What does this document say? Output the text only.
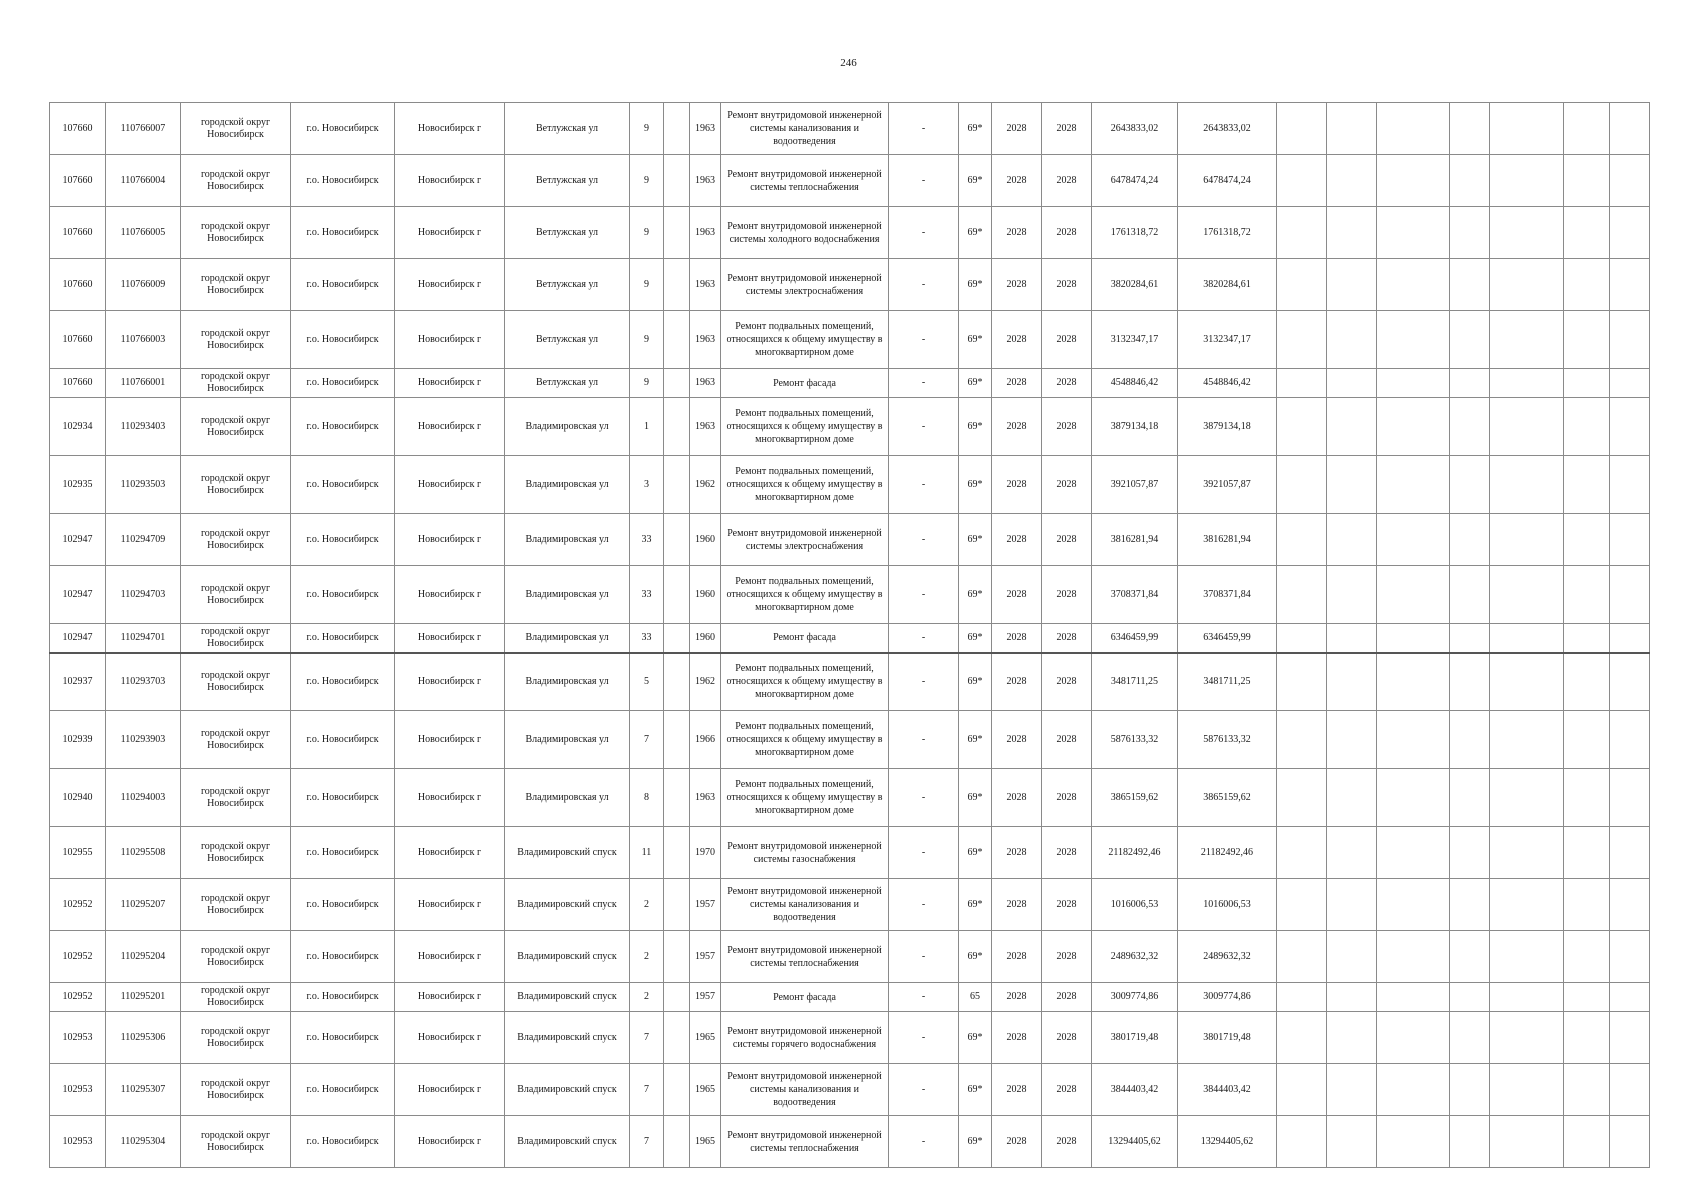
246
107660	110766007	городской округ Новосибирск	г.о. Новосибирск	Новосибирск г	Ветлужская ул	9		1963	Ремонт внутридомовой инженерной системы канализования и водоотведения	-	69*	2028	2028	2643833,02	2643833,02							
107660	110766004	городской округ Новосибирск	г.о. Новосибирск	Новосибирск г	Ветлужская ул	9		1963	Ремонт внутридомовой инженерной системы теплоснабжения	-	69*	2028	2028	6478474,24	6478474,24							
107660	110766005	городской округ Новосибирск	г.о. Новосибирск	Новосибирск г	Ветлужская ул	9		1963	Ремонт внутридомовой инженерной системы холодного водоснабжения	-	69*	2028	2028	1761318,72	1761318,72							
107660	110766009	городской округ Новосибирск	г.о. Новосибирск	Новосибирск г	Ветлужская ул	9		1963	Ремонт внутридомовой инженерной системы электроснабжения	-	69*	2028	2028	3820284,61	3820284,61							
107660	110766003	городской округ Новосибирск	г.о. Новосибирск	Новосибирск г	Ветлужская ул	9		1963	Ремонт подвальных помещений, относящихся к общему имуществу в многоквартирном доме	-	69*	2028	2028	3132347,17	3132347,17							
107660	110766001	городской округ Новосибирск	г.о. Новосибирск	Новосибирск г	Ветлужская ул	9		1963	Ремонт фасада	-	69*	2028	2028	4548846,42	4548846,42							
102934	110293403	городской округ Новосибирск	г.о. Новосибирск	Новосибирск г	Владимировская ул	1		1963	Ремонт подвальных помещений, относящихся к общему имуществу в многоквартирном доме	-	69*	2028	2028	3879134,18	3879134,18							
102935	110293503	городской округ Новосибирск	г.о. Новосибирск	Новосибирск г	Владимировская ул	3		1962	Ремонт подвальных помещений, относящихся к общему имуществу в многоквартирном доме	-	69*	2028	2028	3921057,87	3921057,87							
102947	110294709	городской округ Новосибирск	г.о. Новосибирск	Новосибирск г	Владимировская ул	33		1960	Ремонт внутридомовой инженерной системы электроснабжения	-	69*	2028	2028	3816281,94	3816281,94							
102947	110294703	городской округ Новосибирск	г.о. Новосибирск	Новосибирск г	Владимировская ул	33		1960	Ремонт подвальных помещений, относящихся к общему имуществу в многоквартирном доме	-	69*	2028	2028	3708371,84	3708371,84							
102947	110294701	городской округ Новосибирск	г.о. Новосибирск	Новосибирск г	Владимировская ул	33		1960	Ремонт фасада	-	69*	2028	2028	6346459,99	6346459,99							
102937	110293703	городской округ Новосибирск	г.о. Новосибирск	Новосибирск г	Владимировская ул	5		1962	Ремонт подвальных помещений, относящихся к общему имуществу в многоквартирном доме	-	69*	2028	2028	3481711,25	3481711,25							
102939	110293903	городской округ Новосибирск	г.о. Новосибирск	Новосибирск г	Владимировская ул	7		1966	Ремонт подвальных помещений, относящихся к общему имуществу в многоквартирном доме	-	69*	2028	2028	5876133,32	5876133,32							
102940	110294003	городской округ Новосибирск	г.о. Новосибирск	Новосибирск г	Владимировская ул	8		1963	Ремонт подвальных помещений, относящихся к общему имуществу в многоквартирном доме	-	69*	2028	2028	3865159,62	3865159,62							
102955	110295508	городской округ Новосибирск	г.о. Новосибирск	Новосибирск г	Владимировский спуск	11		1970	Ремонт внутридомовой инженерной системы газоснабжения	-	69*	2028	2028	21182492,46	21182492,46							
102952	110295207	городской округ Новосибирск	г.о. Новосибирск	Новосибирск г	Владимировский спуск	2		1957	Ремонт внутридомовой инженерной системы канализования и водоотведения	-	69*	2028	2028	1016006,53	1016006,53							
102952	110295204	городской округ Новосибирск	г.о. Новосибирск	Новосибирск г	Владимировский спуск	2		1957	Ремонт внутридомовой инженерной системы теплоснабжения	-	69*	2028	2028	2489632,32	2489632,32							
102952	110295201	городской округ Новосибирск	г.о. Новосибирск	Новосибирск г	Владимировский спуск	2		1957	Ремонт фасада	-	65	2028	2028	3009774,86	3009774,86							
102953	110295306	городской округ Новосибирск	г.о. Новосибирск	Новосибирск г	Владимировский спуск	7		1965	Ремонт внутридомовой инженерной системы горячего водоснабжения	-	69*	2028	2028	3801719,48	3801719,48							
102953	110295307	городской округ Новосибирск	г.о. Новосибирск	Новосибирск г	Владимировский спуск	7		1965	Ремонт внутридомовой инженерной системы канализования и водоотведения	-	69*	2028	2028	3844403,42	3844403,42							
102953	110295304	городской округ Новосибирск	г.о. Новосибирск	Новосибирск г	Владимировский спуск	7		1965	Ремонт внутридомовой инженерной системы теплоснабжения	-	69*	2028	2028	13294405,62	13294405,62							
